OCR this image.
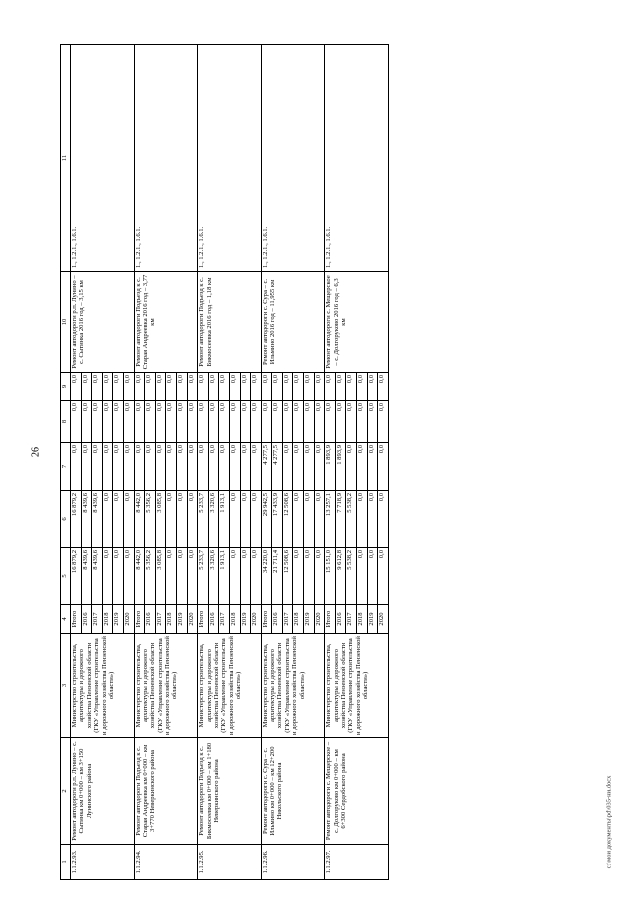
26
c:\мои документы\pd\035-ни.docx
1	2	3	4	5	6	7	8	9	10	11
1.1.2.93.	Ремонт автодороги р.п. Лунино – с. Сытинка км 0+000 – км 3+150 Лунинского района	Министерство строительства, архитектуры и дорожного хозяйства Пензенской области (ГКУ «Управление строительства и дорожного хозяйства Пензенской области»)	Итого	16 879,2	16 879,2	0,0	0,0	0,0	Ремонт автодороги р.п. Лунино – с. Сытинка 2016 год – 3,15 км	1., 1.2.1., 1.6.1.
			2016	8 439,6	8 439,6	0,0	0,0	0,0		
			2017	8 439,6	8 439,6	0,0	0,0	0,0		
			2018	0,0	0,0	0,0	0,0	0,0		
			2019	0,0	0,0	0,0	0,0	0,0		
			2020	0,0	0,0	0,0	0,0	0,0		
1.1.2.94.	Ремонт автодороги Подъезд к с. Старая Андреевка км 0+000 – км 3+770 Неверкинского района	Министерство строительства, архитектуры и дорожного хозяйства Пензенской области (ГКУ «Управление строительства и дорожного хозяйства Пензенской области»)	Итого	8 442,0	8 442,0	0,0	0,0	0,0	Ремонт автодороги Подъезд к с. Старая Андреевка 2016 год – 3,77 км	1., 1.2.1., 1.6.1.
			2016	5 356,2	5 356,2	0,0	0,0	0,0		
			2017	3 085,8	3 085,8	0,0	0,0	0,0		
			2018	0,0	0,0	0,0	0,0	0,0		
			2019	0,0	0,0	0,0	0,0	0,0		
			2020	0,0	0,0	0,0	0,0	0,0		
1.1.2.95.	Ремонт автодороги Подъезд к с. Бикмосеевка км 0+000 – км 1+180 Неверкинского района	Министерство строительства, архитектуры и дорожного хозяйства Пензенской области (ГКУ «Управление строительства и дорожного хозяйства Пензенской области»)	Итого	5 233,7	5 233,7	0,0	0,0	0,0	Ремонт автодороги Подъезд к с. Бикмосеевка 2016 год – 1,18 км	1., 1.2.1., 1.6.1.
			2016	3 320,6	3 320,6	0,0	0,0	0,0		
			2017	1 913,1	1 913,1	0,0	0,0	0,0		
			2018	0,0	0,0	0,0	0,0	0,0		
			2019	0,0	0,0	0,0	0,0	0,0		
			2020	0,0	0,0	0,0	0,0	0,0		
1.1.2.96.	Ремонт автодороги с. Сура – с. Ильмино км 0+000 – км 12+200 Никольского района	Министерство строительства, архитектуры и дорожного хозяйства Пензенской области (ГКУ «Управление строительства и дорожного хозяйства Пензенской области»)	Итого	34 220,0	29 942,5	4 277,5	0,0	0,0	Ремонт автодороги с. Сура – с. Ильмино 2016 год – 11,955 км	1., 1.2.1., 1.6.1.
			2016	21 711,4	17 433,9	4 277,5	0,0	0,0		
			2017	12 508,6	12 508,6	0,0	0,0	0,0		
			2018	0,0	0,0	0,0	0,0	0,0		
			2019	0,0	0,0	0,0	0,0	0,0		
			2020	0,0	0,0	0,0	0,0	0,0		
1.1.2.97.	Ремонт автодороги с. Мещерское – с. Долгоруково км 0+000 – км 6+300 Сердобского района	Министерство строительства, архитектуры и дорожного хозяйства Пензенской области (ГКУ «Управление строительства и дорожного хозяйства Пензенской области»)	Итого	15 151,0	13 257,1	1 893,9	0,0	0,0	Ремонт автодороги с. Мещерское – с. Долгоруково 2016 год – 6,3 км	1., 1.2.1., 1.6.1.
			2016	9 612,8	7 718,9	1 893,9	0,0	0,0		
			2017	5 538,2	5 538,2	0,0	0,0	0,0		
			2018	0,0	0,0	0,0	0,0	0,0		
			2019	0,0	0,0	0,0	0,0	0,0		
			2020	0,0	0,0	0,0	0,0	0,0		
